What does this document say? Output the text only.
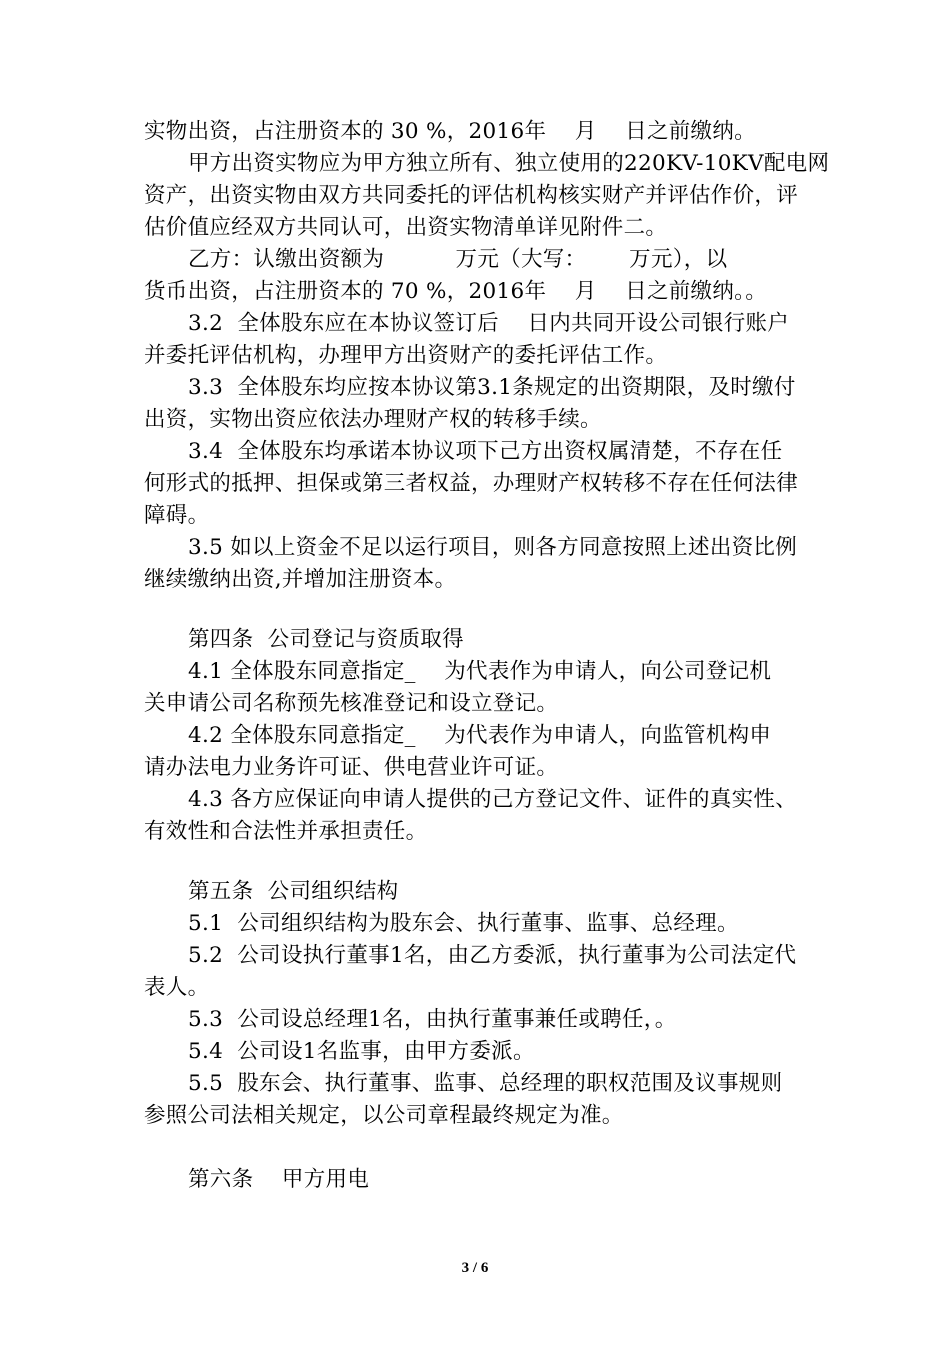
实物出资，占注册资本的 30 %，2016年    月    日之前缴纳。
甲方出资实物应为甲方独立所有、独立使用的220KV-10KV配电网
资产，出资实物由双方共同委托的评估机构核实财产并评估作价，评
估价值应经双方共同认可，出资实物清单详见附件二。
乙方：认缴出资额为          万元（大写：      万元），以
货币出资，占注册资本的 70 %，2016年    月    日之前缴纳。。
3.2  全体股东应在本协议签订后    日内共同开设公司银行账户
并委托评估机构，办理甲方出资财产的委托评估工作。
3.3  全体股东均应按本协议第3.1条规定的出资期限，及时缴付
出资，实物出资应依法办理财产权的转移手续。
3.4  全体股东均承诺本协议项下己方出资权属清楚，不存在任
何形式的抵押、担保或第三者权益，办理财产权转移不存在任何法律
障碍。
3.5 如以上资金不足以运行项目，则各方同意按照上述出资比例
继续缴纳出资,并增加注册资本。
第四条  公司登记与资质取得
4.1 全体股东同意指定_    为代表作为申请人，向公司登记机
关申请公司名称预先核准登记和设立登记。
4.2 全体股东同意指定_    为代表作为申请人，向监管机构申
请办法电力业务许可证、供电营业许可证。
4.3 各方应保证向申请人提供的己方登记文件、证件的真实性、
有效性和合法性并承担责任。
第五条  公司组织结构
5.1  公司组织结构为股东会、执行董事、监事、总经理。
5.2  公司设执行董事1名，由乙方委派，执行董事为公司法定代
表人。
5.3  公司设总经理1名，由执行董事兼任或聘任，。
5.4  公司设1名监事，由甲方委派。
5.5  股东会、执行董事、监事、总经理的职权范围及议事规则
参照公司法相关规定，以公司章程最终规定为准。
第六条    甲方用电
3 / 6
